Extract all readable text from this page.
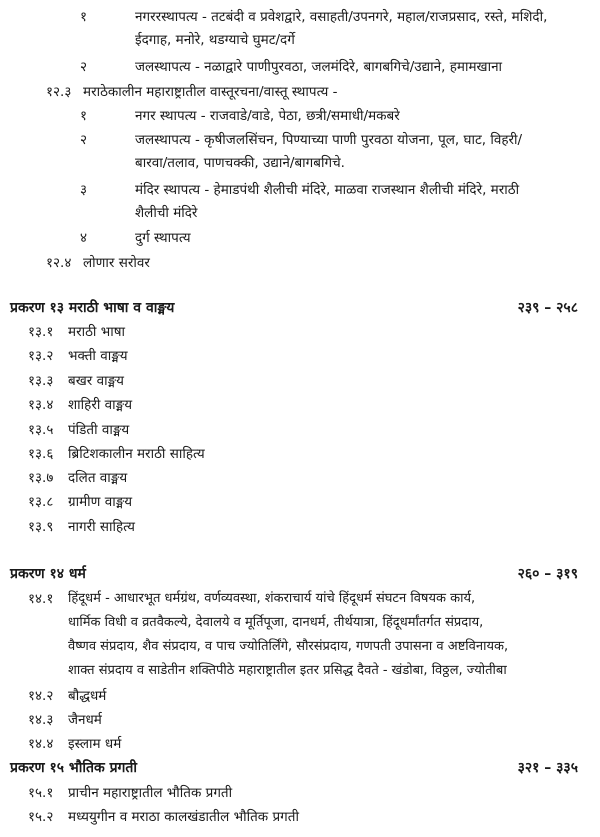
१	नगररस्थापत्य - तटबंदी व प्रवेशद्वारे, वसाहती/उपनगरे, महाल/राजप्रसाद, रस्ते, मशिदी,
ईदगाह, मनोरे, थडग्याचे घुमट/दर्गे
२	जलस्थापत्य - नळाद्वारे पाणीपुरवठा, जलमंदिरे, बागबगिचे/उद्याने, हमामखाना
१२.३ मराठेकालीन महाराष्ट्रातील वास्तूरचना/वास्तू स्थापत्य -
१	नगर स्थापत्य - राजवाडे/वाडे, पेठा, छत्री/समाधी/मकबरे
२	जलस्थापत्य - कृषीजलसिंचन, पिण्याच्या पाणी पुरवठा योजना, पूल, घाट, विहरी/
बारवा/तलाव, पाणचक्की, उद्याने/बागबगिचे.
३	मंदिर स्थापत्य - हेमाडपंथी शैलीची मंदिरे, माळवा राजस्थान शैलीची मंदिरे, मराठी
शैलीची मंदिरे
४	दुर्ग स्थापत्य
१२.४ लोणार सरोवर
प्रकरण १३ मराठी भाषा व वाङ्मय	२३९ – २५८
१३.१ मराठी भाषा
१३.२ भक्ती वाङ्मय
१३.३ बखर वाङ्मय
१३.४ शाहिरी वाङ्मय
१३.५ पंडिती वाङ्मय
१३.६ ब्रिटिशकालीन मराठी साहित्य
१३.७ दलित वाङ्मय
१३.८ ग्रामीण वाङ्मय
१३.९ नागरी साहित्य
प्रकरण १४ धर्म	२६० – ३१९
१४.१ हिंदूधर्म - आधारभूत धर्मग्रंथ, वर्णव्यवस्था, शंकराचार्य यांचे हिंदूधर्म संघटन विषयक कार्य,
धार्मिक विधी व व्रतवैकल्ये, देवालये व मूर्तिपूजा, दानधर्म, तीर्थयात्रा, हिंदूधर्मांतर्गत संप्रदाय,
वैष्णव संप्रदाय, शैव संप्रदाय, व पाच ज्योतिर्लिंगे, सौरसंप्रदाय, गणपती उपासना व अष्टविनायक,
शाक्त संप्रदाय व साडेतीन शक्तिपीठे महाराष्ट्रातील इतर प्रसिद्ध दैवते - खंडोबा, विठ्ठल, ज्योतीबा
१४.२ बौद्धधर्म
१४.३ जैनधर्म
१४.४ इस्लाम धर्म
प्रकरण १५ भौतिक प्रगती	३२१ – ३३५
१५.१ प्राचीन महाराष्ट्रातील भौतिक प्रगती
१५.२ मध्ययुगीन व मराठा कालखंडातील भौतिक प्रगती
